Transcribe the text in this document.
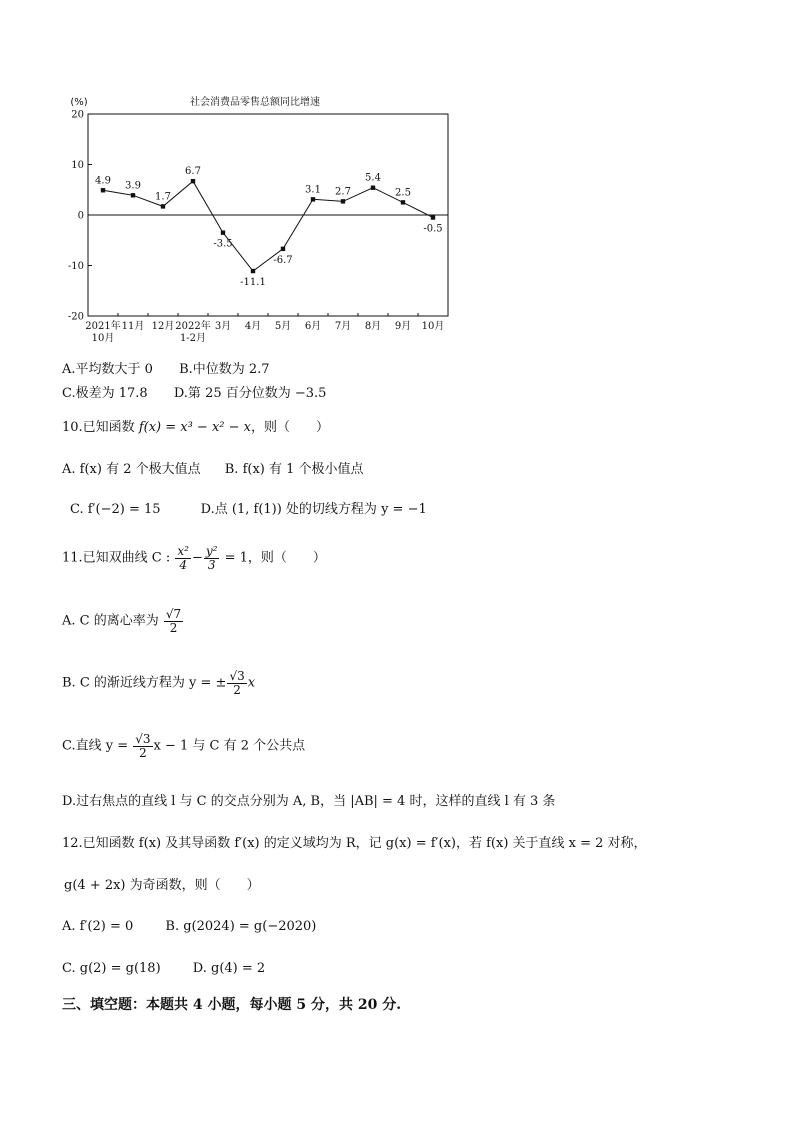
社会消费品零售总额同比增速
(%)
20
10
0
-10
-20
2021年
10月
11月 12月 2022年
1-2月
3月 4月 5月 6月 7月 8月 9月 10月
4.9 3.9
1.7
6.7
-3.5
-11.1
-6.7
3.1 2.7
5.4
2.5
-0.5
A.平均数大于 0 B.中位数为 2.7
C.极差为 17.8 D.第 25 百分位数为 −3.5
10.已知函数 f(x) = x³ − x² − x，则（　　）
A. f(x) 有 2 个极大值点 B. f(x) 有 1 个极小值点
C. f′(−2) = 15	D.点 (1, f(1)) 处的切线方程为 y = −1
11.已知双曲线 C : $\frac{\text{x²}}{4} - \frac{\text{y²}}{3} = 1$，则（　　）
A. C 的离心率为 $\frac{√7}{2}$
B. C 的渐近线方程为 y = ± $\frac{√3}{2}$ x
C.直线 $y = \frac{√3}{2}$ x − 1 与 C 有 2 个公共点
D.过右焦点的直线 l 与 C 的交点分别为 A, B，当 |AB| = 4 时，这样的直线 l 有 3 条
12.已知函数 f(x) 及其导函数 f′(x) 的定义域均为 R，记 g(x) = f′(x)，若 f(x) 关于直线 x = 2 对称，
g(4 + 2x) 为奇函数，则（　　）
A. f′(2) = 0 B. g(2024) = g(−2020)
C. g(2) = g(18) D. g(4) = 2
三、填空题：本题共 4 小题，每小题 5 分，共 20 分.
